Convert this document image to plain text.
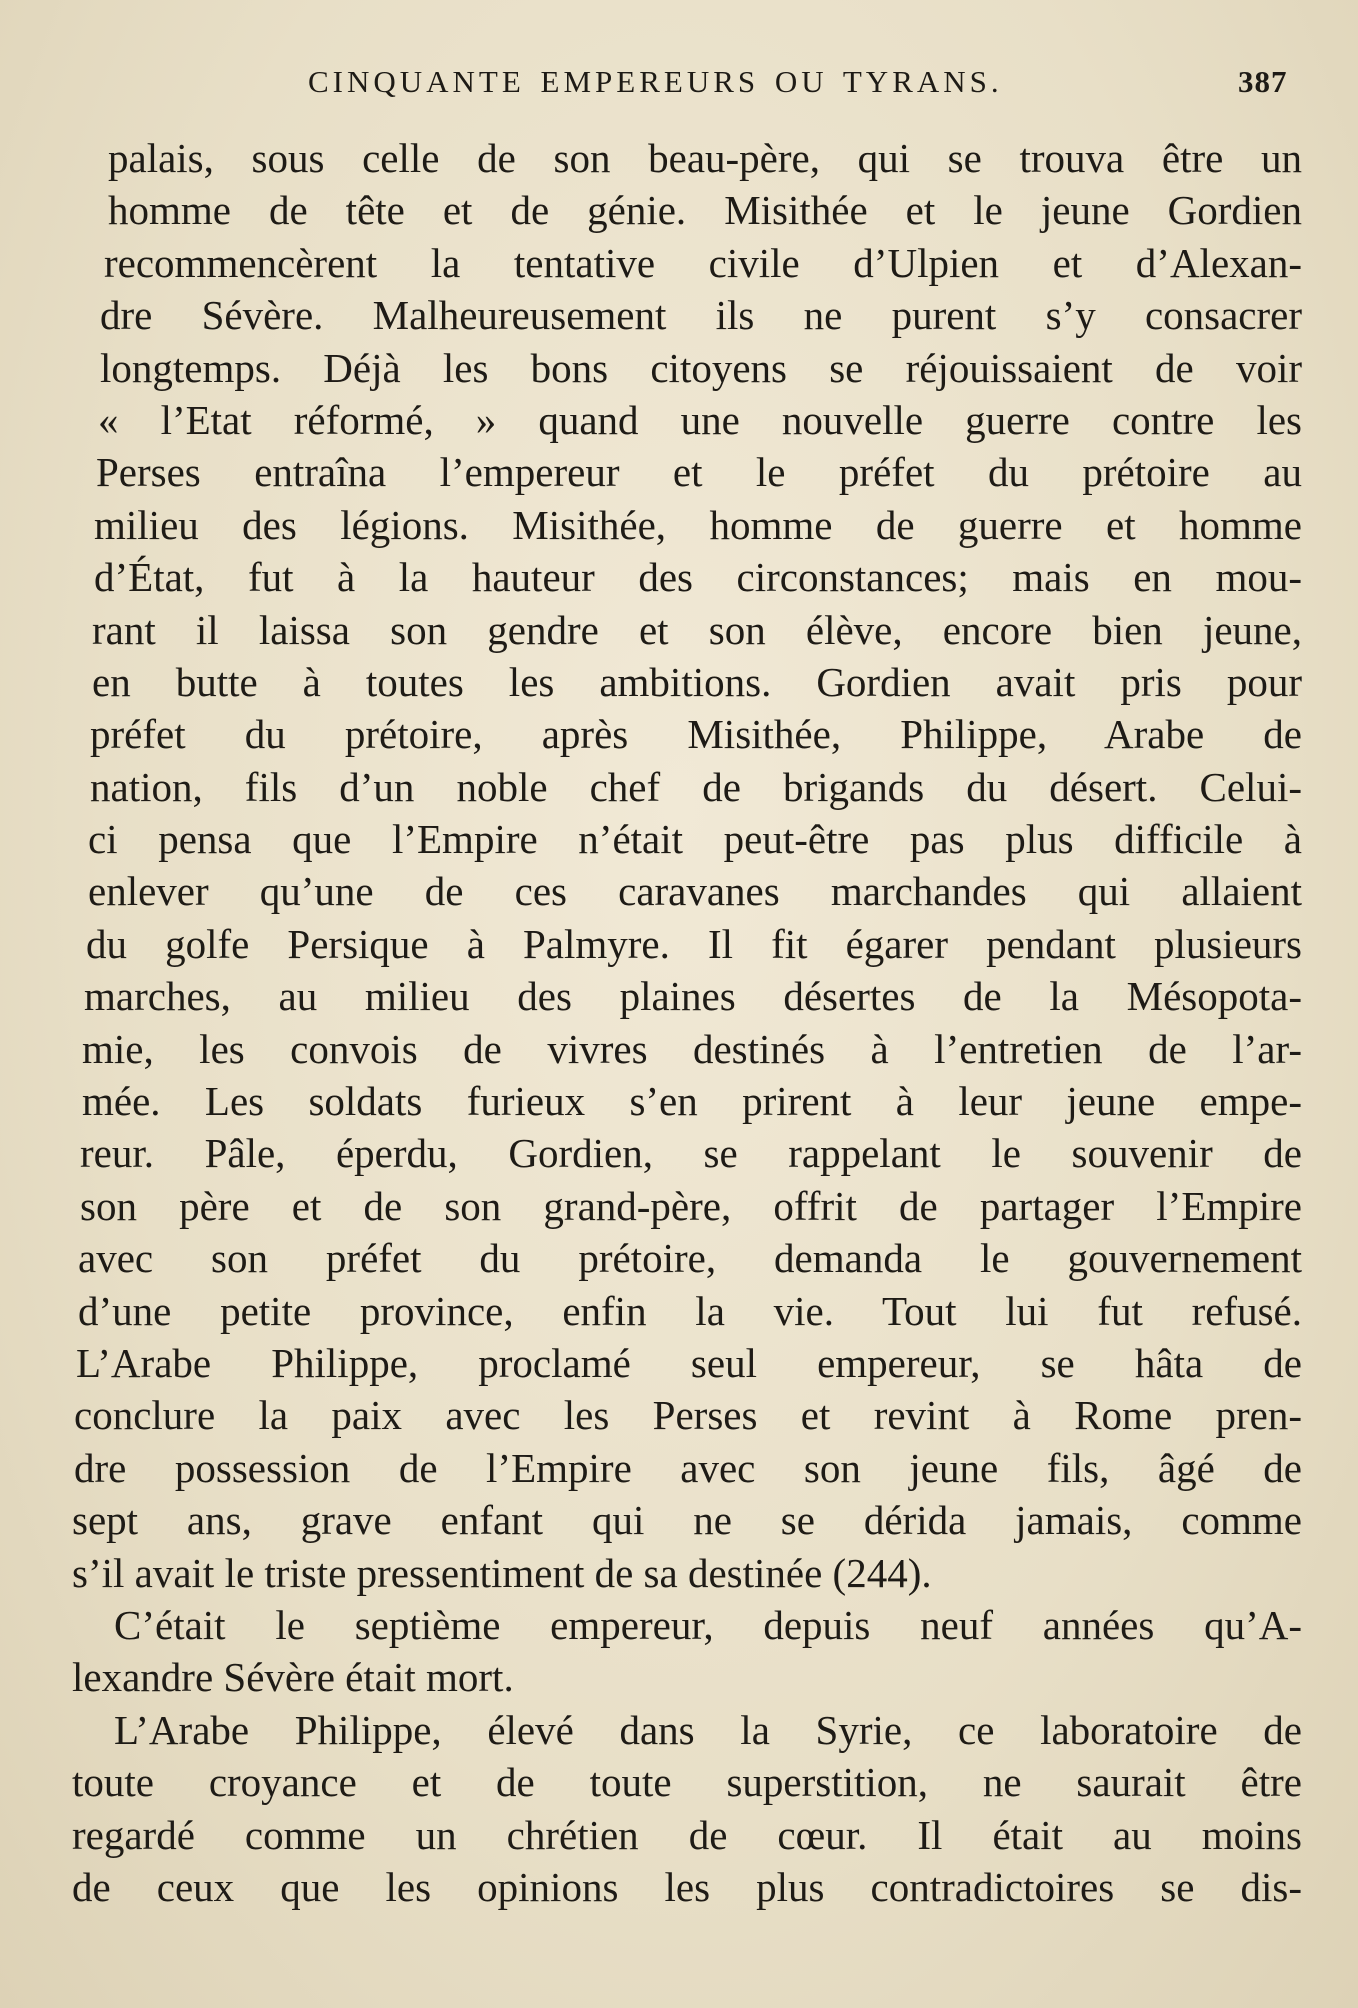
CINQUANTE EMPEREURS OU TYRANS.	387
palais, sous celle de son beau-père, qui se trouva être un
homme de tête et de génie. Misithée et le jeune Gordien
recommencèrent la tentative civile d’Ulpien et d’Alexan-
dre Sévère. Malheureusement ils ne purent s’y consacrer
longtemps. Déjà les bons citoyens se réjouissaient de voir
« l’Etat réformé, » quand une nouvelle guerre contre les
Perses entraîna l’empereur et le préfet du prétoire au
milieu des légions. Misithée, homme de guerre et homme
d’État, fut à la hauteur des circonstances; mais en mou-
rant il laissa son gendre et son élève, encore bien jeune,
en butte à toutes les ambitions. Gordien avait pris pour
préfet du prétoire, après Misithée, Philippe, Arabe de
nation, fils d’un noble chef de brigands du désert. Celui-
ci pensa que l’Empire n’était peut-être pas plus difficile à
enlever qu’une de ces caravanes marchandes qui allaient
du golfe Persique à Palmyre. Il fit égarer pendant plusieurs
marches, au milieu des plaines désertes de la Mésopota-
mie, les convois de vivres destinés à l’entretien de l’ar-
mée. Les soldats furieux s’en prirent à leur jeune empe-
reur. Pâle, éperdu, Gordien, se rappelant le souvenir de
son père et de son grand-père, offrit de partager l’Empire
avec son préfet du prétoire, demanda le gouvernement
d’une petite province, enfin la vie. Tout lui fut refusé.
L’Arabe Philippe, proclamé seul empereur, se hâta de
conclure la paix avec les Perses et revint à Rome pren-
dre possession de l’Empire avec son jeune fils, âgé de
sept ans, grave enfant qui ne se dérida jamais, comme
s’il avait le triste pressentiment de sa destinée (244).
C’était le septième empereur, depuis neuf années qu’A-
lexandre Sévère était mort.
L’Arabe Philippe, élevé dans la Syrie, ce laboratoire de
toute croyance et de toute superstition, ne saurait être
regardé comme un chrétien de cœur. Il était au moins
de ceux que les opinions les plus contradictoires se dis-
